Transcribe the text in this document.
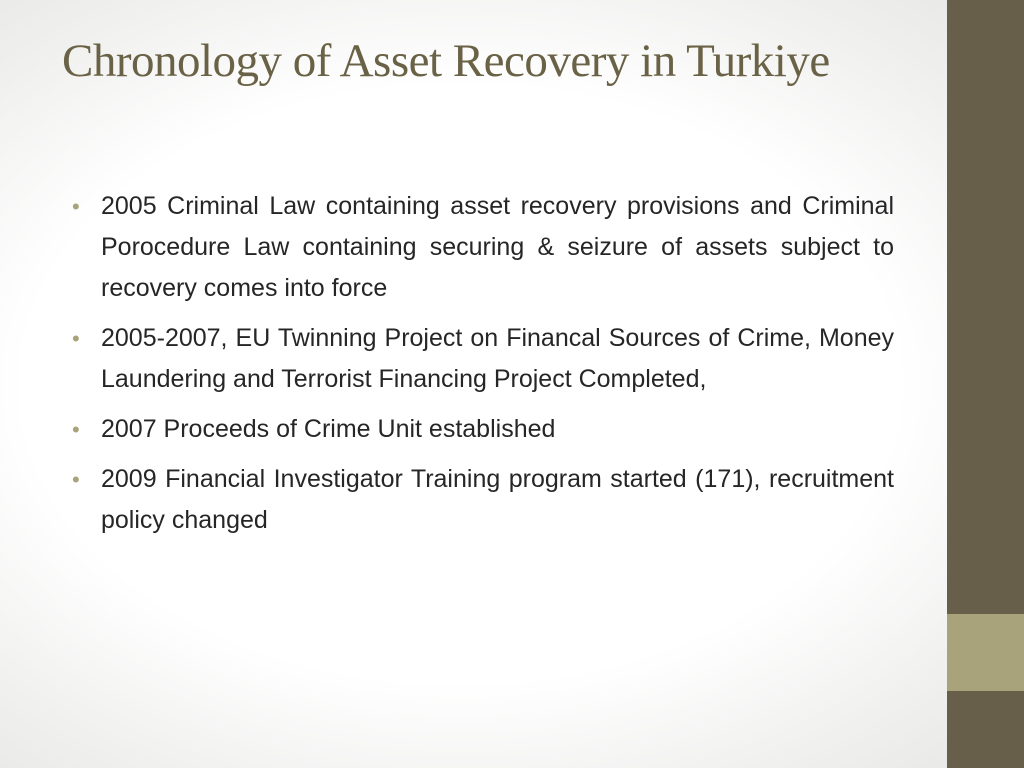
Chronology of Asset Recovery in Turkiye
• 2005 Criminal Law containing asset recovery provisions and Criminal Porocedure Law containing securing & seizure of assets subject to recovery comes into force
• 2005-2007, EU Twinning Project on Financal Sources of Crime, Money Laundering and Terrorist Financing Project Completed,
• 2007 Proceeds of Crime Unit established
• 2009 Financial Investigator Training program started (171), recruitment policy changed
